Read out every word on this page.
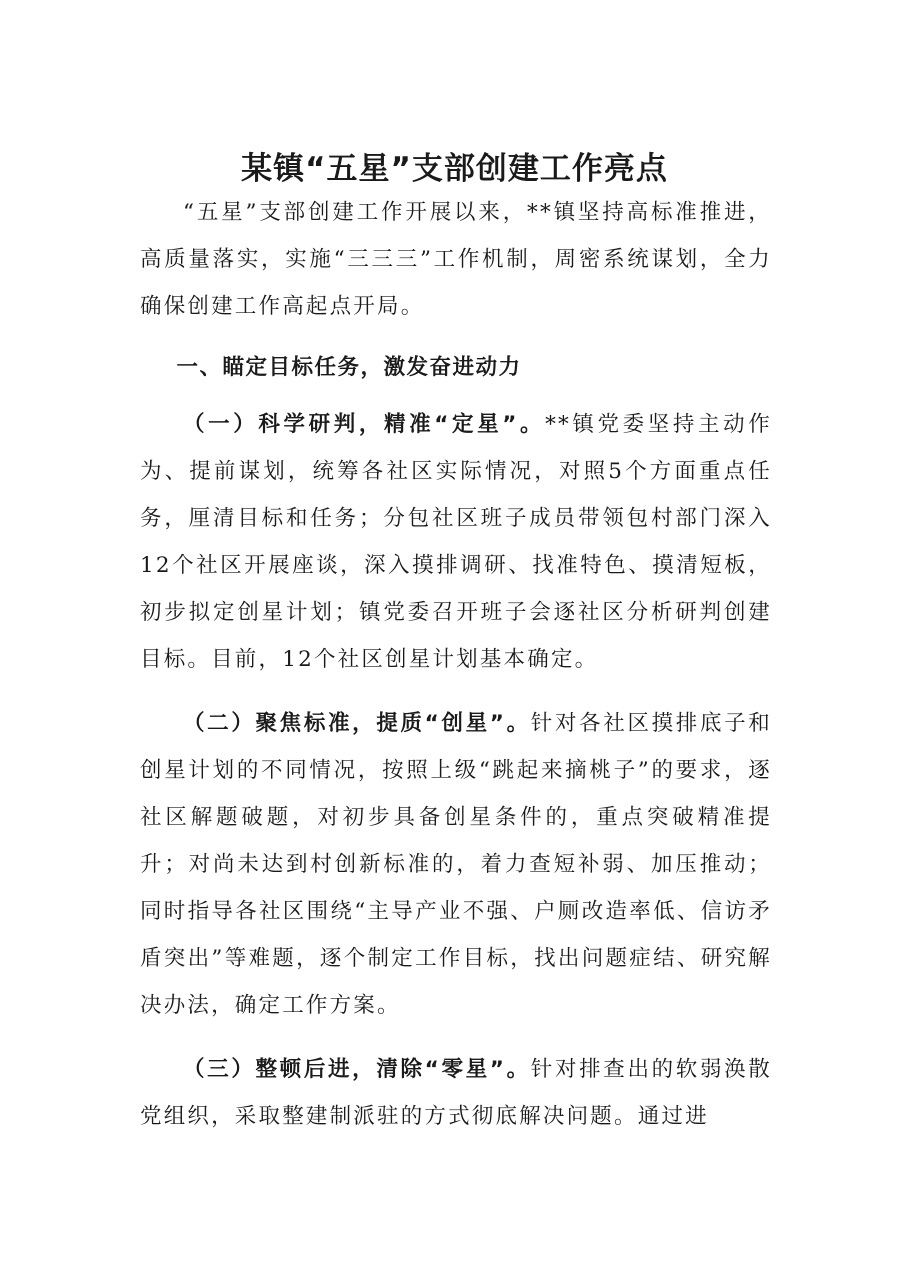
某镇“五星”支部创建工作亮点

“五星”支部创建工作开展以来，**镇坚持高标准推进，高质量落实，实施“三三三”工作机制，周密系统谋划，全力确保创建工作高起点开局。

一、瞄定目标任务，激发奋进动力

（一）科学研判，精准“定星”。**镇党委坚持主动作为、提前谋划，统筹各社区实际情况，对照5个方面重点任务，厘清目标和任务；分包社区班子成员带领包村部门深入12个社区开展座谈，深入摸排调研、找准特色、摸清短板，初步拟定创星计划；镇党委召开班子会逐社区分析研判创建目标。目前，12个社区创星计划基本确定。

（二）聚焦标准，提质“创星”。针对各社区摸排底子和创星计划的不同情况，按照上级“跳起来摘桃子”的要求，逐社区解题破题，对初步具备创星条件的，重点突破精准提升；对尚未达到村创新标准的，着力查短补弱、加压推动；同时指导各社区围绕“主导产业不强、户厕改造率低、信访矛盾突出”等难题，逐个制定工作目标，找出问题症结、研究解决办法，确定工作方案。

（三）整顿后进，清除“零星”。针对排查出的软弱涣散党组织，采取整建制派驻的方式彻底解决问题。通过进
